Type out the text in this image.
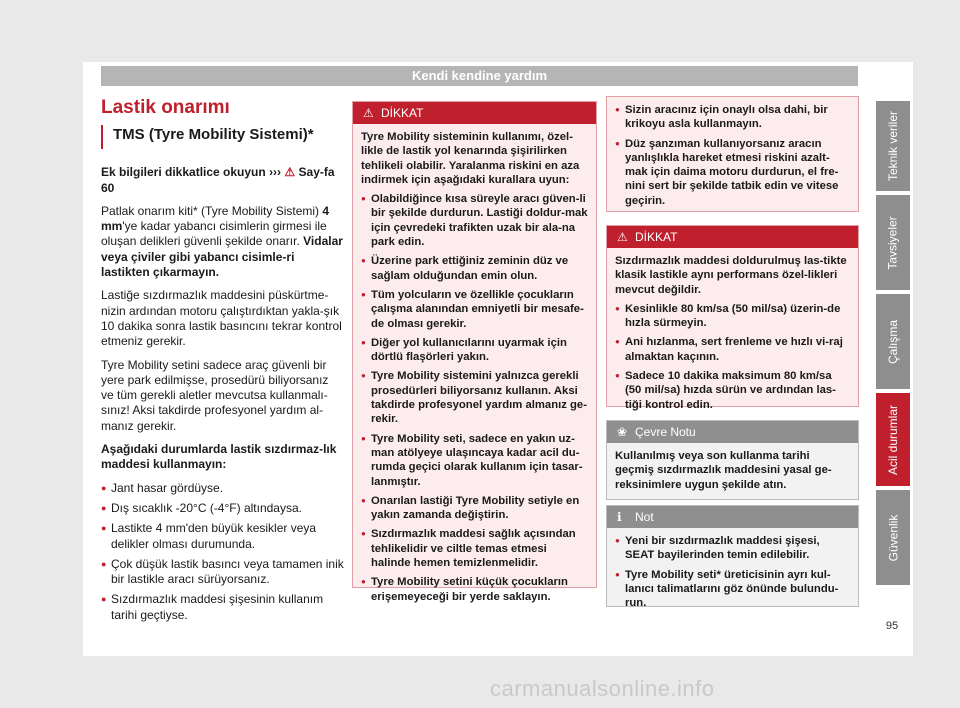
Kendi kendine yardım
Lastik onarımı
TMS (Tyre Mobility Sistemi)*

Ek bilgileri dikkatlice okuyun ››› ⚠ Say-fa 60

Patlak onarım kiti* (Tyre Mobility Sistemi) 4 mm'ye kadar yabancı cisimlerin girmesi ile oluşan delikleri güvenli şekilde onarır. Vidalar veya çiviler gibi yabancı cisimle-ri lastikten çıkarmayın.

Lastiğe sızdırmazlık maddesini püskürtme-nizin ardından motoru çalıştırdıktan yakla-şık 10 dakika sonra lastik basıncını tekrar kontrol etmeniz gerekir.

Tyre Mobility setini sadece araç güvenli bir yere park edilmişse, prosedürü biliyorsanız ve tüm gerekli aletler mevcutsa kullanmalı-sınız! Aksi takdirde profesyonel yardım al-manız gerekir.

Aşağıdaki durumlarda lastik sızdırmaz-lık maddesi kullanmayın:

● Jant hasar gördüyse.
● Dış sıcaklık -20°C (-4°F) altındaysa.
● Lastikte 4 mm'den büyük kesikler veya delikler olması durumunda.
● Çok düşük lastik basıncı veya tamamen inik bir lastikle aracı sürüyorsanız.
● Sızdırmazlık maddesi şişesinin kullanım tarihi geçtiyse.
⚠ DİKKAT

Tyre Mobility sisteminin kullanımı, özel-likle de lastik yol kenarında şişirilirken tehlikeli olabilir. Yaralanma riskini en aza indirmek için aşağıdaki kurallara uyun:

● Olabildiğince kısa süreyle aracı güven-li bir şekilde durdurun. Lastiği doldur-mak için çevredeki trafikten uzak bir ala-na park edin.
● Üzerine park ettiğiniz zeminin düz ve sağlam olduğundan emin olun.
● Tüm yolcuların ve özellikle çocukların çalışma alanından emniyetli bir mesafe-de olması gerekir.
● Diğer yol kullanıcılarını uyarmak için dörtlü flaşörleri yakın.
● Tyre Mobility sistemini yalnızca gerekli prosedürleri biliyorsanız kullanın. Aksi takdirde profesyonel yardım almanız ge-rekir.
● Tyre Mobility seti, sadece en yakın uz-man atölyeye ulaşıncaya kadar acil du-rumda geçici olarak kullanım için tasar-lanmıştır.
● Onarılan lastiği Tyre Mobility setiyle en yakın zamanda değiştirin.
● Sızdırmazlık maddesi sağlık açısından tehlikelidir ve ciltle temas etmesi halinde hemen temizlenmelidir.
● Tyre Mobility setini küçük çocukların erişemeyeceği bir yerde saklayın.
● Sizin aracınız için onaylı olsa dahi, bir krikoyu asla kullanmayın.
● Düz şanzıman kullanıyorsanız aracın yanlışlıkla hareket etmesi riskini azalt-mak için daima motoru durdurun, el fre-nini sert bir şekilde tatbik edin ve vitese geçirin.
⚠ DİKKAT

Sızdırmazlık maddesi doldurulmuş las-tikte klasik lastikle aynı performans özel-likleri mevcut değildir.

● Kesinlikle 80 km/sa (50 mil/sa) üzerin-de hızla sürmeyin.
● Ani hızlanma, sert frenleme ve hızlı vi-raj almaktan kaçının.
● Sadece 10 dakika maksimum 80 km/sa (50 mil/sa) hızda sürün ve ardından las-tiği kontrol edin.
❀ Çevre Notu

Kullanılmış veya son kullanma tarihi geçmiş sızdırmazlık maddesini yasal ge-reksinimlere uygun şekilde atın.

ℹ Not
● Yeni bir sızdırmazlık maddesi şişesi, SEAT bayilerinden temin edilebilir.
● Tyre Mobility seti* üreticisinin ayrı kul-lanıcı talimatlarını göz önünde bulundu-run.
Teknik veriler
Tavsiyeler
Çalışma
Acil durumlar
Güvenlik
95
carmanualsonline.info
